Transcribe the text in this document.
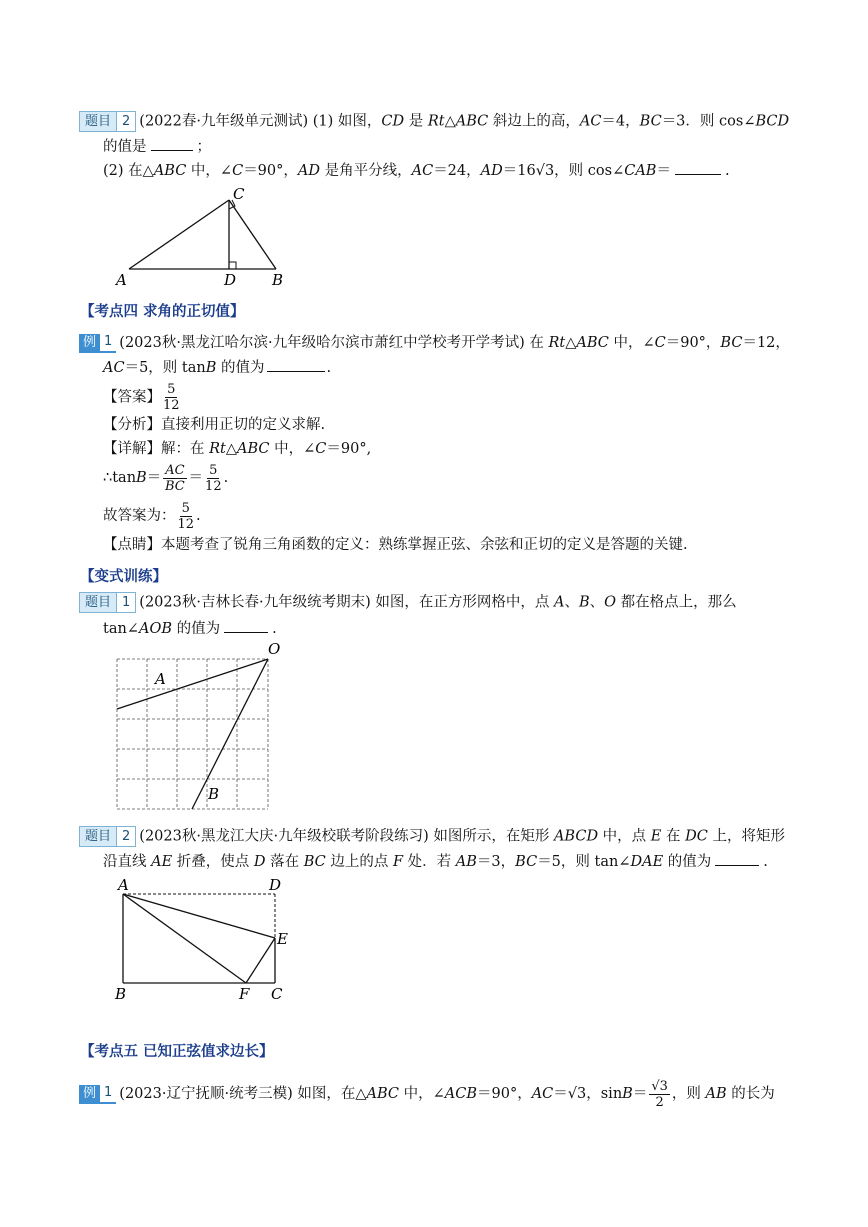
题目 2 (2022春·九年级单元测试) (1) 如图，CD 是 Rt△ABC 斜边上的高，AC＝4，BC＝3．则 cos∠BCD
的值是	；
(2) 在△ABC 中，∠C＝90°，AD 是角平分线，AC＝24，AD＝16√3，则 cos∠CAB＝	.
A	B
C
D
【考点四 求角的正切值】
例 1 (2023秋·黑龙江哈尔滨·九年级哈尔滨市萧红中学校考开学考试) 在 Rt△ABC 中，∠C＝90°，BC＝12，
AC＝5，则 tanB 的值为	.
【答案】 $\frac{5}{12}$
【分析】直接利用正切的定义求解.
【详解】解：在 Rt△ABC 中，∠C＝90°,
∴tanB＝ $\frac{AC}{BC} = \frac{5}{12}$ .
故答案为： $\frac{5}{12}$ .
【点睛】本题考查了锐角三角函数的定义：熟练掌握正弦、余弦和正切的定义是答题的关键.
【变式训练】
题目 1 (2023秋·吉林长春·九年级统考期末) 如图，在正方形网格中，点 A、B、O 都在格点上，那么
tan∠AOB 的值为	.
O
A
B
题目 2 (2023秋·黑龙江大庆·九年级校联考阶段练习) 如图所示，在矩形 ABCD 中，点 E 在 DC 上，将矩形
沿直线 AE 折叠，使点 D 落在 BC 边上的点 F 处．若 AB＝3，BC＝5，则 tan∠DAE 的值为	.
A	D
E
B	F C
【考点五 已知正弦值求边长】
例 1 (2023·辽宁抚顺·统考三模) 如图，在△ABC 中，∠ACB＝90°，AC＝√3，$\sin B= \frac{√3}{2}$ ，则 AB 的长为
